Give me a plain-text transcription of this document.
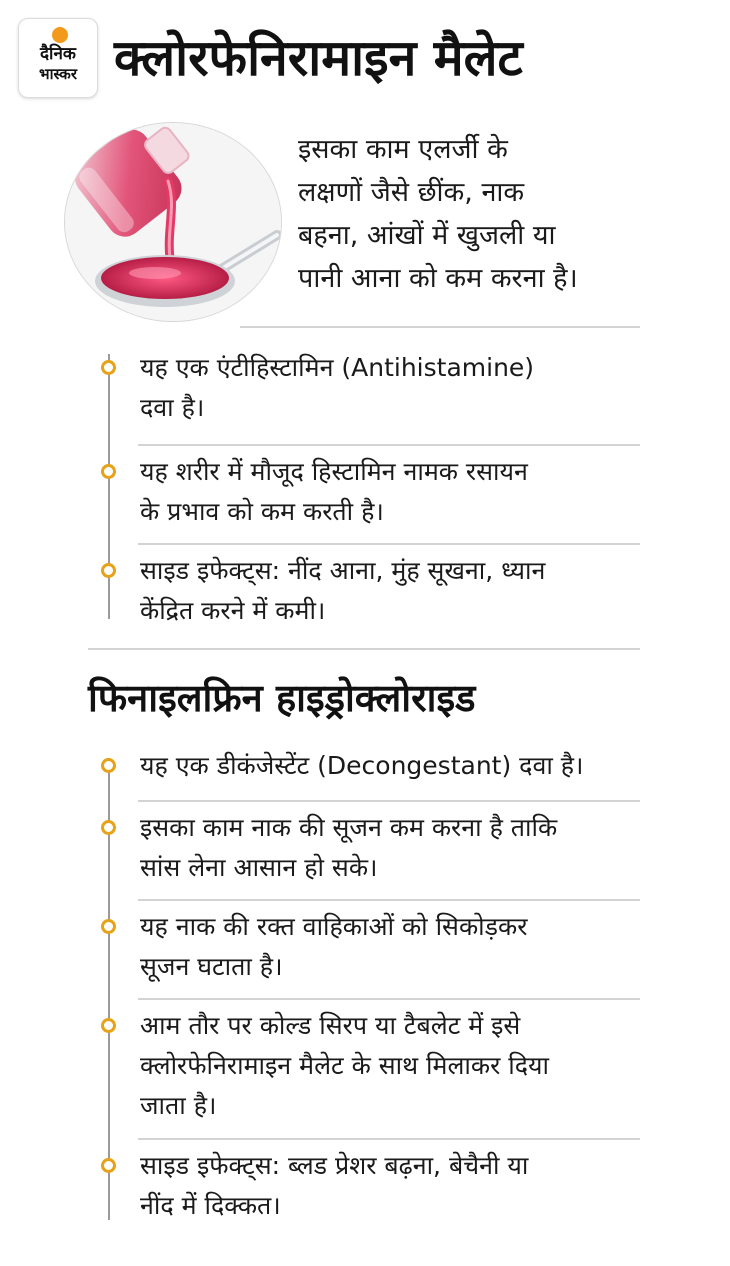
दैनिक
भास्कर क्लोरफेनिरामाइन मैलेट
इसका काम एलर्जी के
लक्षणों जैसे छींक, नाक
बहना, आंखों में खुजली या
पानी आना को कम करना है।
यह एक एंटीहिस्टामिन (Antihistamine)
दवा है।
यह शरीर में मौजूद हिस्टामिन नामक रसायन
के प्रभाव को कम करती है।
साइड इफेक्ट्स: नींद आना, मुंह सूखना, ध्यान
केंद्रित करने में कमी।
फिनाइलफ्रिन हाइड्रोक्लोराइड
यह एक डीकंजेस्टेंट (Decongestant) दवा है।
इसका काम नाक की सूजन कम करना है ताकि
सांस लेना आसान हो सके।
यह नाक की रक्त वाहिकाओं को सिकोड़कर
सूजन घटाता है।
आम तौर पर कोल्ड सिरप या टैबलेट में इसे
क्लोरफेनिरामाइन मैलेट के साथ मिलाकर दिया
जाता है।
साइड इफेक्ट्स: ब्लड प्रेशर बढ़ना, बेचैनी या
नींद में दिक्कत।
